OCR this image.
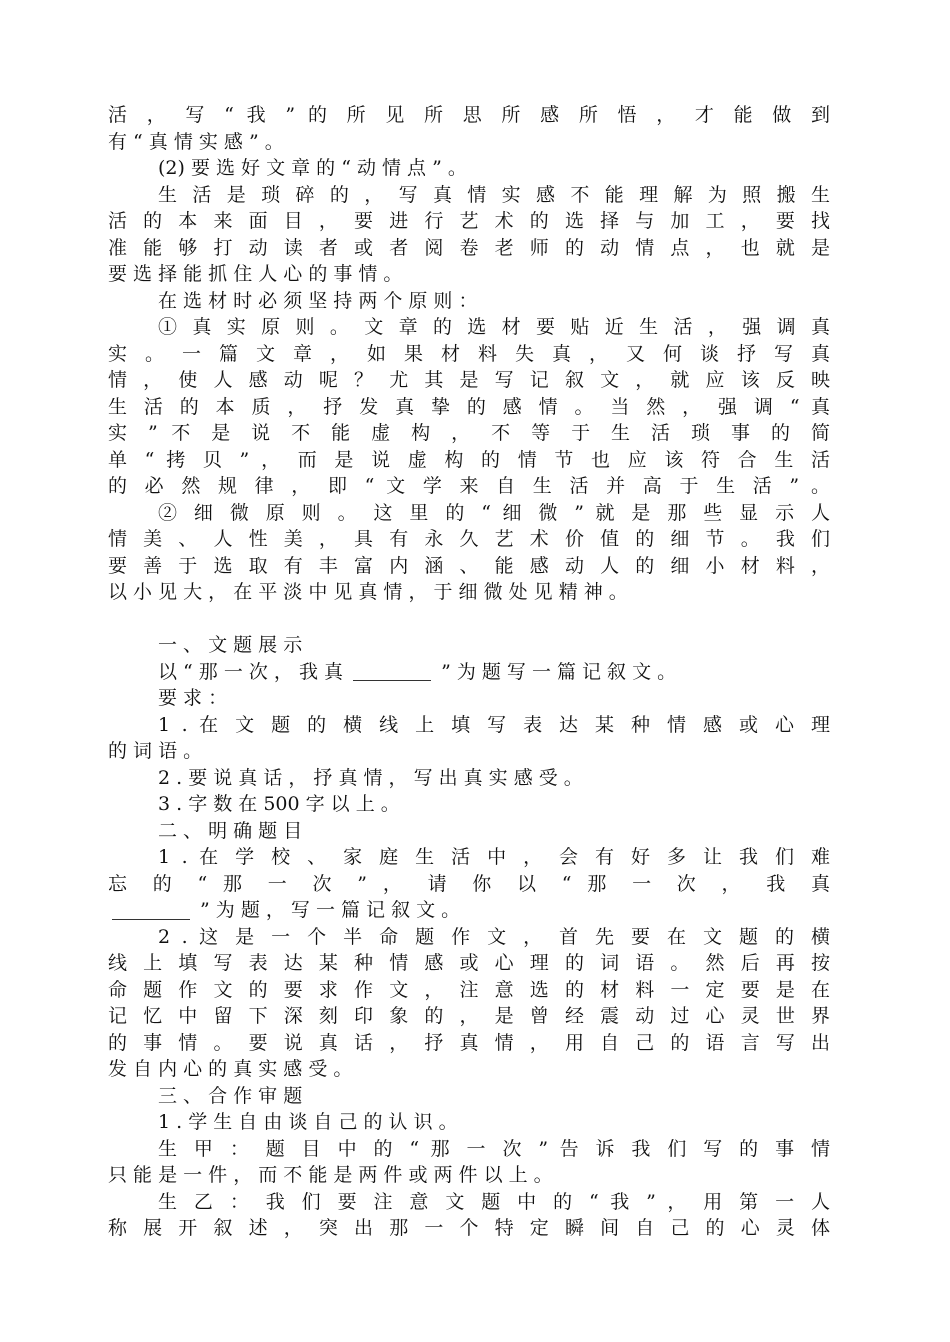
活 ， 写 “ 我 ” 的 所 见 所 思 所 感 所 悟 ， 才 能 做 到
有 “ 真 情 实 感 ” 。
(2) 要 选 好 文 章 的 “ 动 情 点 ” 。
生 活 是 琐 碎 的 ， 写 真 情 实 感 不 能 理 解 为 照 搬 生
活 的 本 来 面 目 ， 要 进 行 艺 术 的 选 择 与 加 工 ， 要 找
准 能 够 打 动 读 者 或 者 阅 卷 老 师 的 动 情 点 ， 也 就 是
要 选 择 能 抓 住 人 心 的 事 情 。
在 选 材 时 必 须 坚 持 两 个 原 则 ：
① 真 实 原 则 。 文 章 的 选 材 要 贴 近 生 活 ， 强 调 真
实 。 一 篇 文 章 ， 如 果 材 料 失 真 ， 又 何 谈 抒 写 真
情 ， 使 人 感 动 呢 ？ 尤 其 是 写 记 叙 文 ， 就 应 该 反 映
生 活 的 本 质 ， 抒 发 真 挚 的 感 情 。 当 然 ， 强 调 “ 真
实 ” 不 是 说 不 能 虚 构 ， 不 等 于 生 活 琐 事 的 简
单 “ 拷 贝 ” ， 而 是 说 虚 构 的 情 节 也 应 该 符 合 生 活
的 必 然 规 律 ， 即 “ 文 学 来 自 生 活 并 高 于 生 活 ” 。
② 细 微 原 则 。 这 里 的 “ 细 微 ” 就 是 那 些 显 示 人
情 美 、 人 性 美 ， 具 有 永 久 艺 术 价 值 的 细 节 。 我 们
要 善 于 选 取 有 丰 富 内 涵 、 能 感 动 人 的 细 小 材 料 ，
以 小 见 大 ， 在 平 淡 中 见 真 情 ， 于 细 微 处 见 精 神 。
一 、 文 题 展 示
以 “ 那 一 次 ， 我 真	” 为 题 写 一 篇 记 叙 文 。
要 求 ：
1 . 在 文 题 的 横 线 上 填 写 表 达 某 种 情 感 或 心 理
的 词 语 。
2 . 要 说 真 话 ， 抒 真 情 ， 写 出 真 实 感 受 。
3 . 字 数 在 500 字 以 上 。
二 、 明 确 题 目
1 . 在 学 校 、 家 庭 生 活 中 ， 会 有 好 多 让 我 们 难
忘 的 “ 那 一 次 ” ， 请 你 以 “ 那 一 次 ， 我 真
” 为 题 ， 写 一 篇 记 叙 文 。
2 . 这 是 一 个 半 命 题 作 文 ， 首 先 要 在 文 题 的 横
线 上 填 写 表 达 某 种 情 感 或 心 理 的 词 语 。 然 后 再 按
命 题 作 文 的 要 求 作 文 ， 注 意 选 的 材 料 一 定 要 是 在
记 忆 中 留 下 深 刻 印 象 的 ， 是 曾 经 震 动 过 心 灵 世 界
的 事 情 。 要 说 真 话 ， 抒 真 情 ， 用 自 己 的 语 言 写 出
发 自 内 心 的 真 实 感 受 。
三 、 合 作 审 题
1 . 学 生 自 由 谈 自 己 的 认 识 。
生 甲 ： 题 目 中 的 “ 那 一 次 ” 告 诉 我 们 写 的 事 情
只 能 是 一 件 ， 而 不 能 是 两 件 或 两 件 以 上 。
生 乙 ： 我 们 要 注 意 文 题 中 的 “ 我 ” ， 用 第 一 人
称 展 开 叙 述 ， 突 出 那 一 个 特 定 瞬 间 自 己 的 心 灵 体
